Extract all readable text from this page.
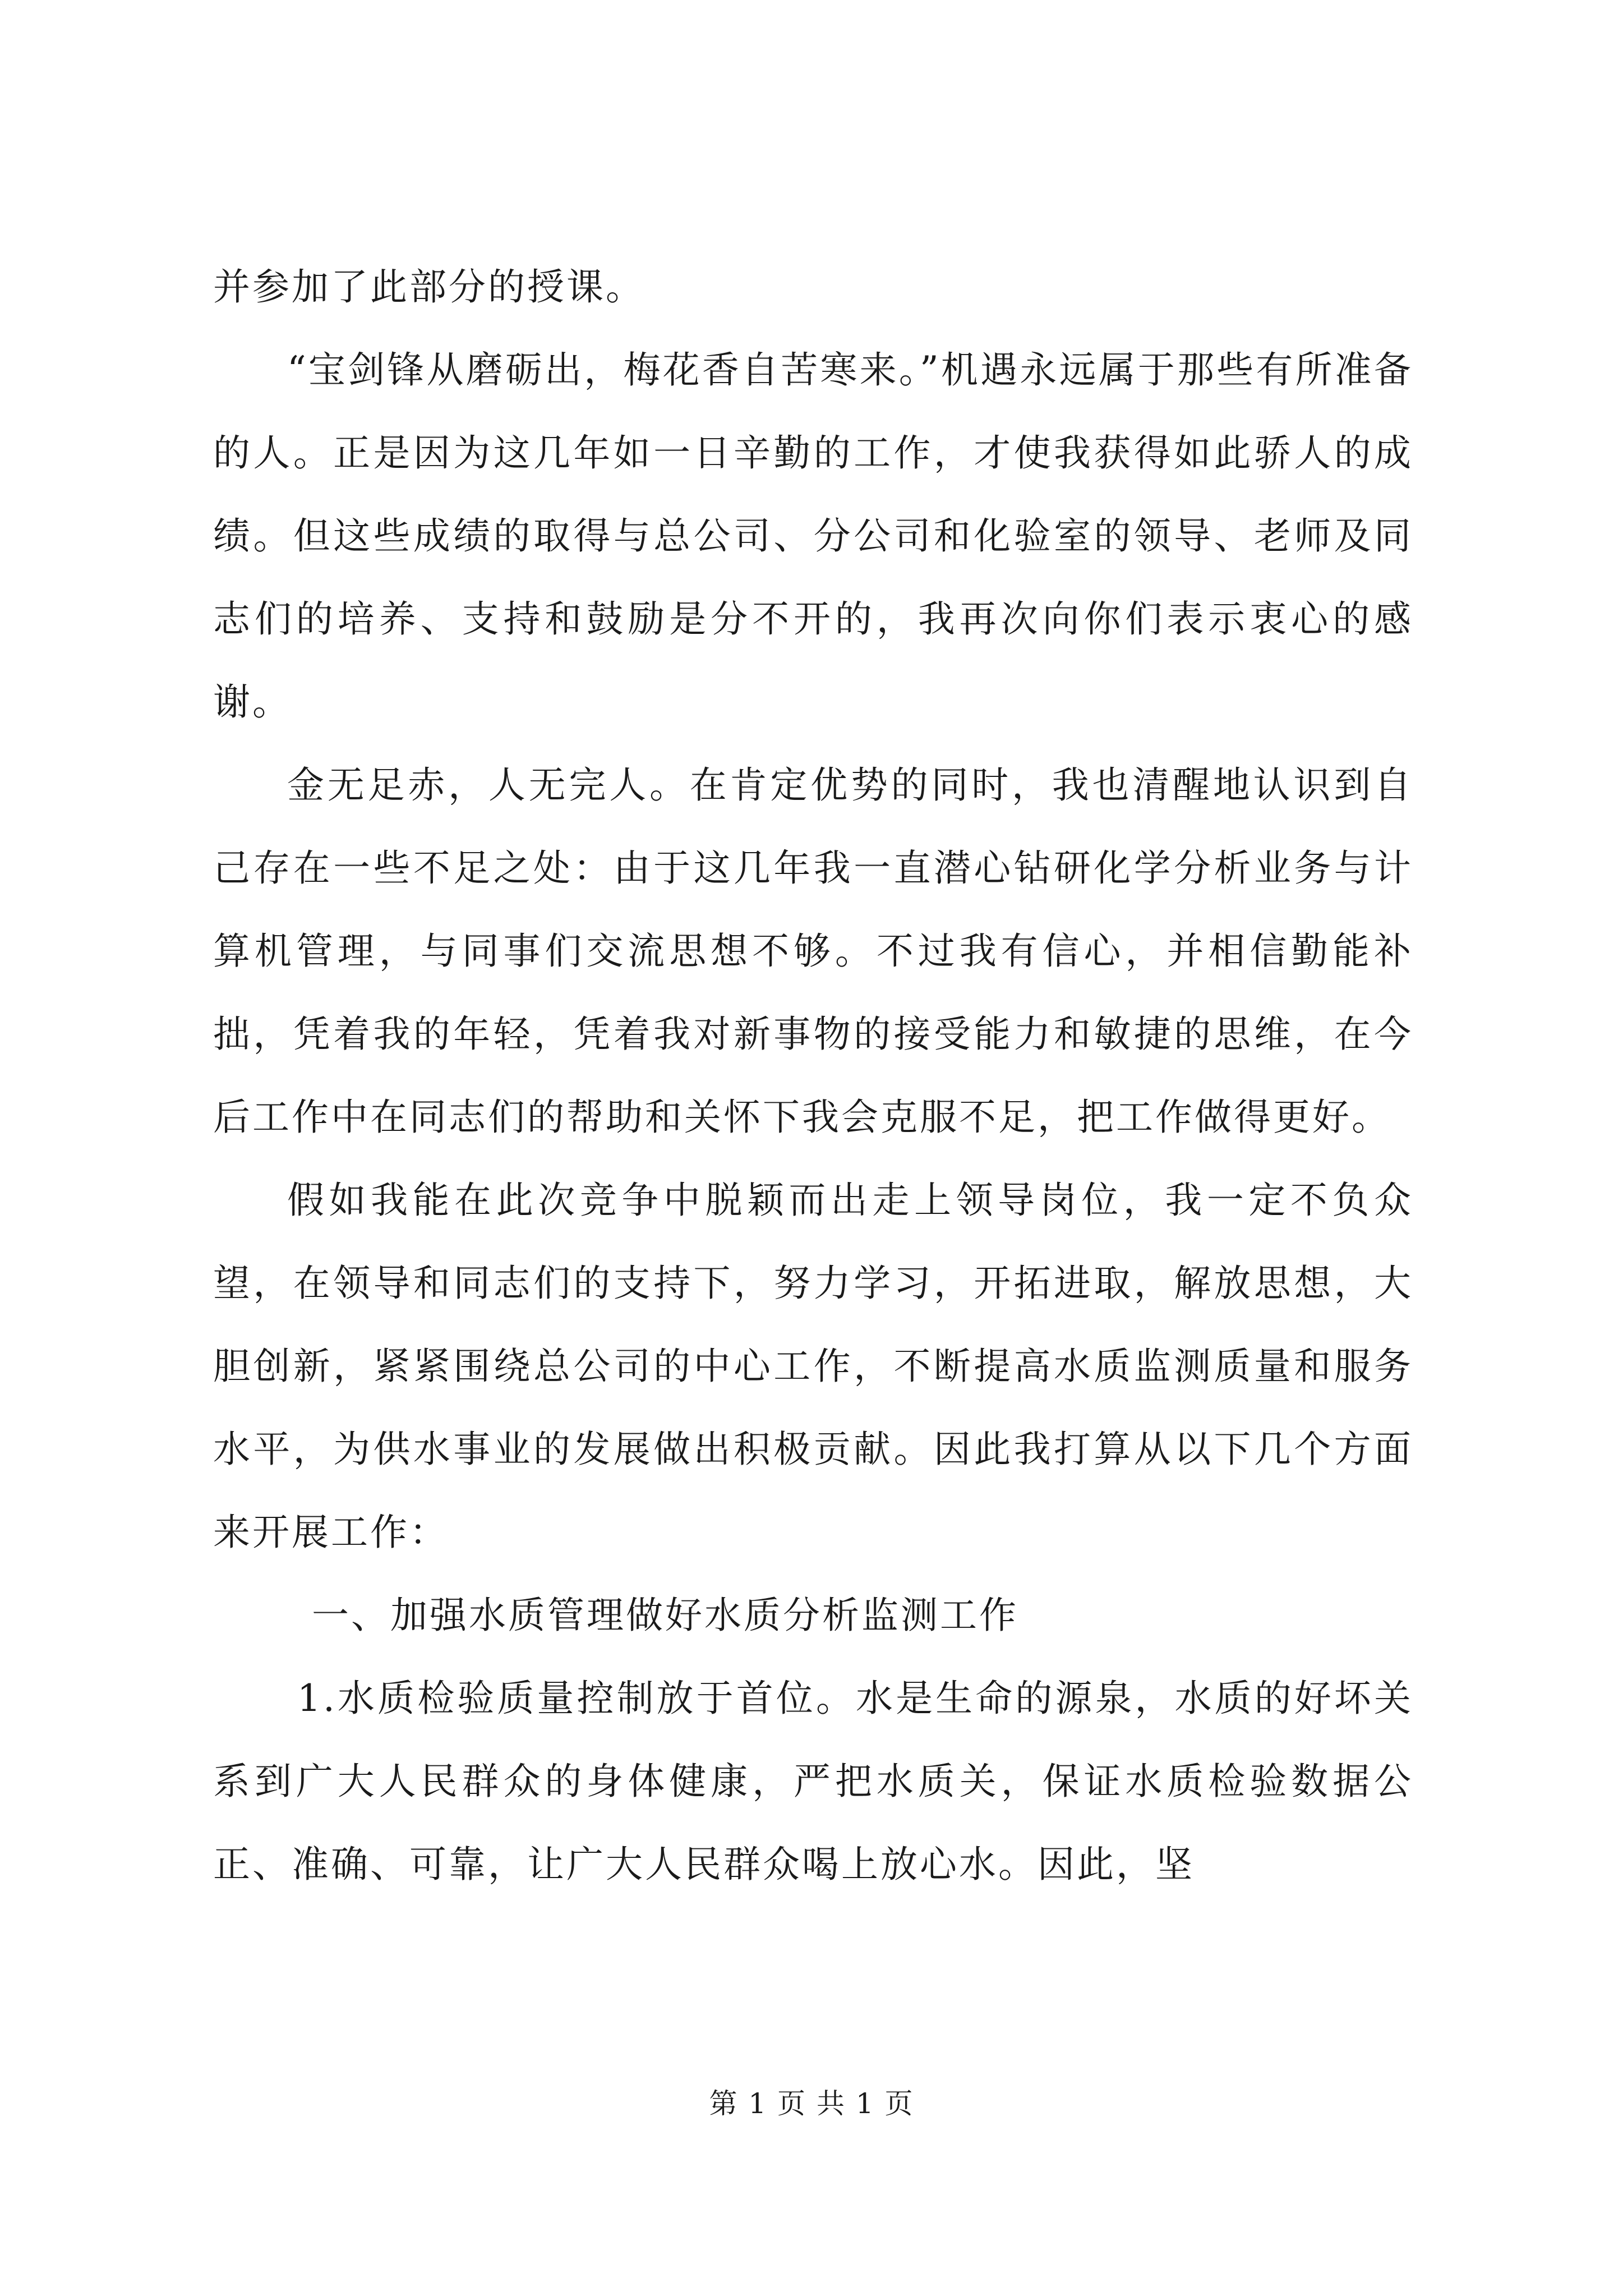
并参加了此部分的授课。

“宝剑锋从磨砺出，梅花香自苦寒来。”机遇永远属于那些有所准备的人。正是因为这几年如一日辛勤的工作，才使我获得如此骄人的成绩。但这些成绩的取得与总公司、分公司和化验室的领导、老师及同志们的培养、支持和鼓励是分不开的，我再次向你们表示衷心的感谢。

金无足赤，人无完人。在肯定优势的同时，我也清醒地认识到自己存在一些不足之处：由于这几年我一直潜心钻研化学分析业务与计算机管理，与同事们交流思想不够。不过我有信心，并相信勤能补拙，凭着我的年轻，凭着我对新事物的接受能力和敏捷的思维，在今后工作中在同志们的帮助和关怀下我会克服不足，把工作做得更好。

假如我能在此次竞争中脱颖而出走上领导岗位，我一定不负众望，在领导和同志们的支持下，努力学习，开拓进取，解放思想，大胆创新，紧紧围绕总公司的中心工作，不断提高水质监测质量和服务水平，为供水事业的发展做出积极贡献。因此我打算从以下几个方面来开展工作：

一、加强水质管理做好水质分析监测工作

1.水质检验质量控制放于首位。水是生命的源泉，水质的好坏关系到广大人民群众的身体健康，严把水质关，保证水质检验数据公正、准确、可靠，让广大人民群众喝上放心水。因此，坚

第 1 页 共 1 页
